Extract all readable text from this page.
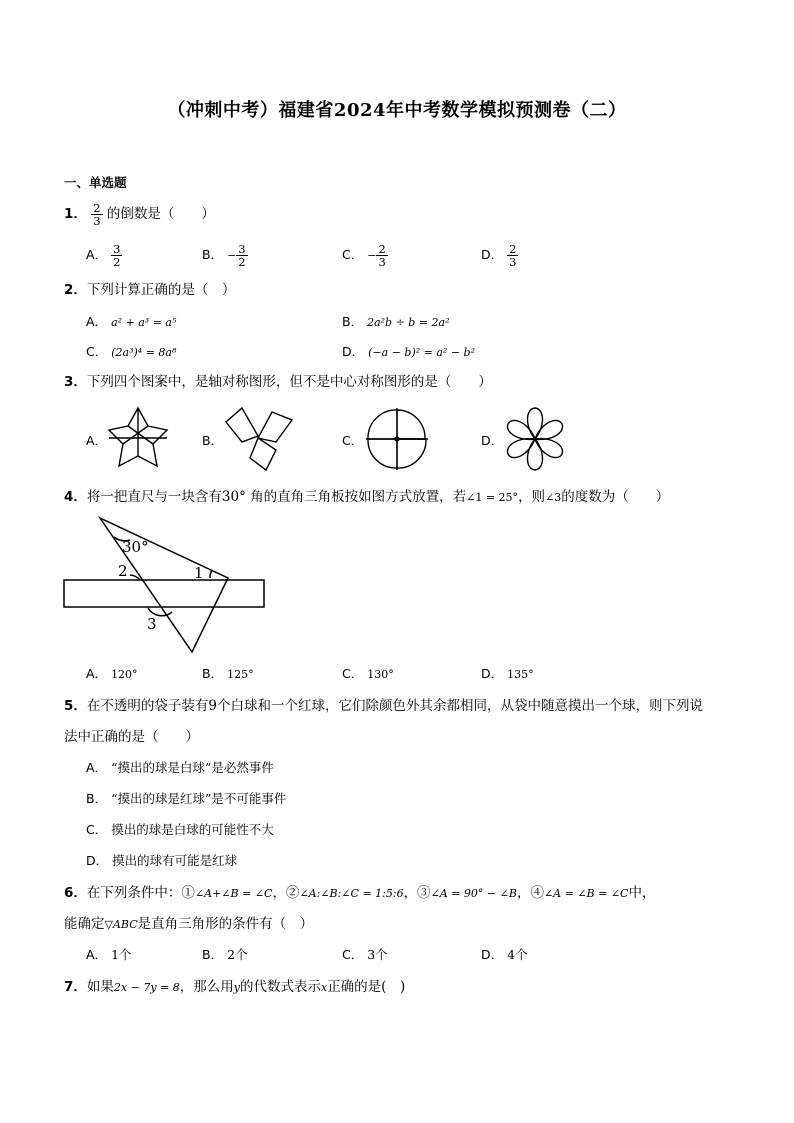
（冲刺中考）福建省2024年中考数学模拟预测卷（二）
一、单选题
1． $\frac{2}{3}$ 的倒数是（　　）
A． $\frac{3}{2}$	B． − $\frac{3}{2}$	C． − $\frac{2}{3}$	D． $\frac{2}{3}$
2．下列计算正确的是（　）
A． a² + a³ = a⁵	B． 2a²b ÷ b = 2a²
C． (2a³)⁴ = 8a⁸	D． (−a − b)² = a² − b²
3．下列四个图案中，是轴对称图形，但不是中心对称图形的是（　　）
A．	B．	C．	D．
4．将一把直尺与一块含有30° 角的直角三角板按如图方式放置，若∠1 = 25°，则∠3的度数为（　　）
30°
2	1
3
A． 120°	B． 125°	C． 130°	D． 135°
5．在不透明的袋子装有9个白球和一个红球，它们除颜色外其余都相同，从袋中随意摸出一个球，则下列说
法中正确的是（　　）
A． “摸出的球是白球”是必然事件
B． “摸出的球是红球”是不可能事件
C． 摸出的球是白球的可能性不大
D． 摸出的球有可能是红球
6．在下列条件中：①∠A+∠B = ∠C，②∠A:∠B:∠C = 1:5:6，③∠A = 90° − ∠B，④∠A = ∠B = ∠C中，
能确定▽ABC是直角三角形的条件有（　）
A． 1个	B． 2个	C． 3个	D． 4个
7．如果2x − 7y = 8，那么用y的代数式表示x正确的是(　)
